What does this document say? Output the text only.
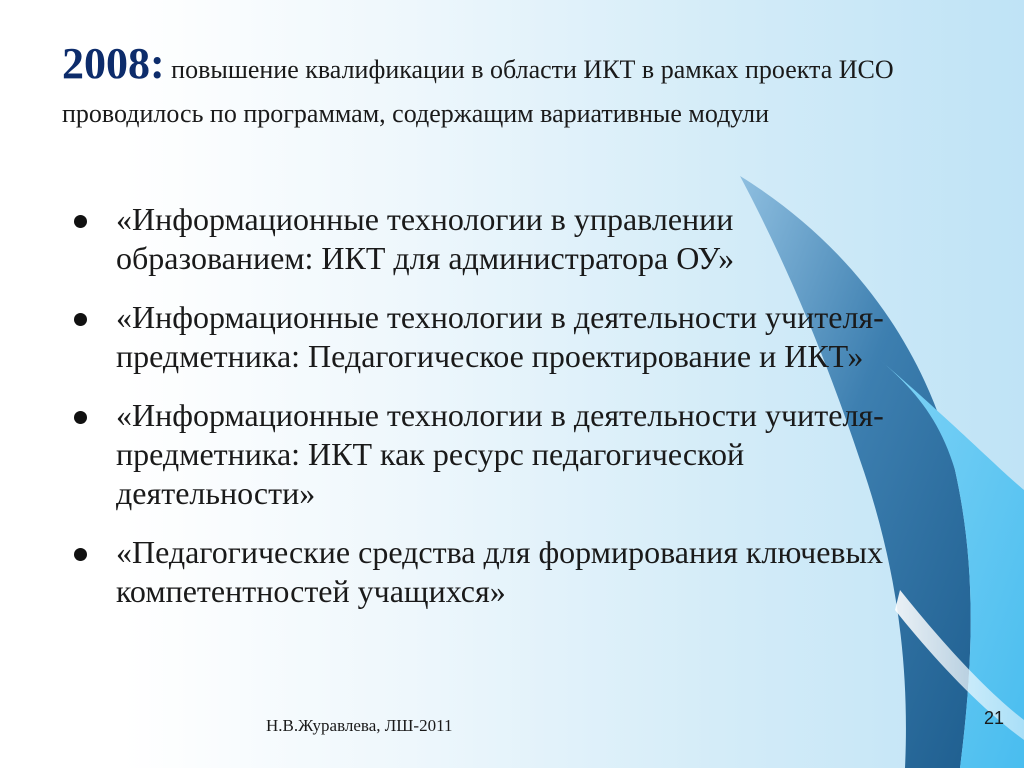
2008: повышение квалификации в области ИКТ в рамках проекта ИСО проводилось по программам, содержащим вариативные модули
«Информационные технологии в управлении образованием: ИКТ для администратора ОУ»
«Информационные технологии в деятельности учителя-предметника: Педагогическое проектирование и ИКТ»
«Информационные технологии в деятельности учителя-предметника: ИКТ как ресурс педагогической деятельности»
«Педагогические средства для формирования ключевых компетентностей учащихся»
Н.В.Журавлева, ЛШ-2011	21
